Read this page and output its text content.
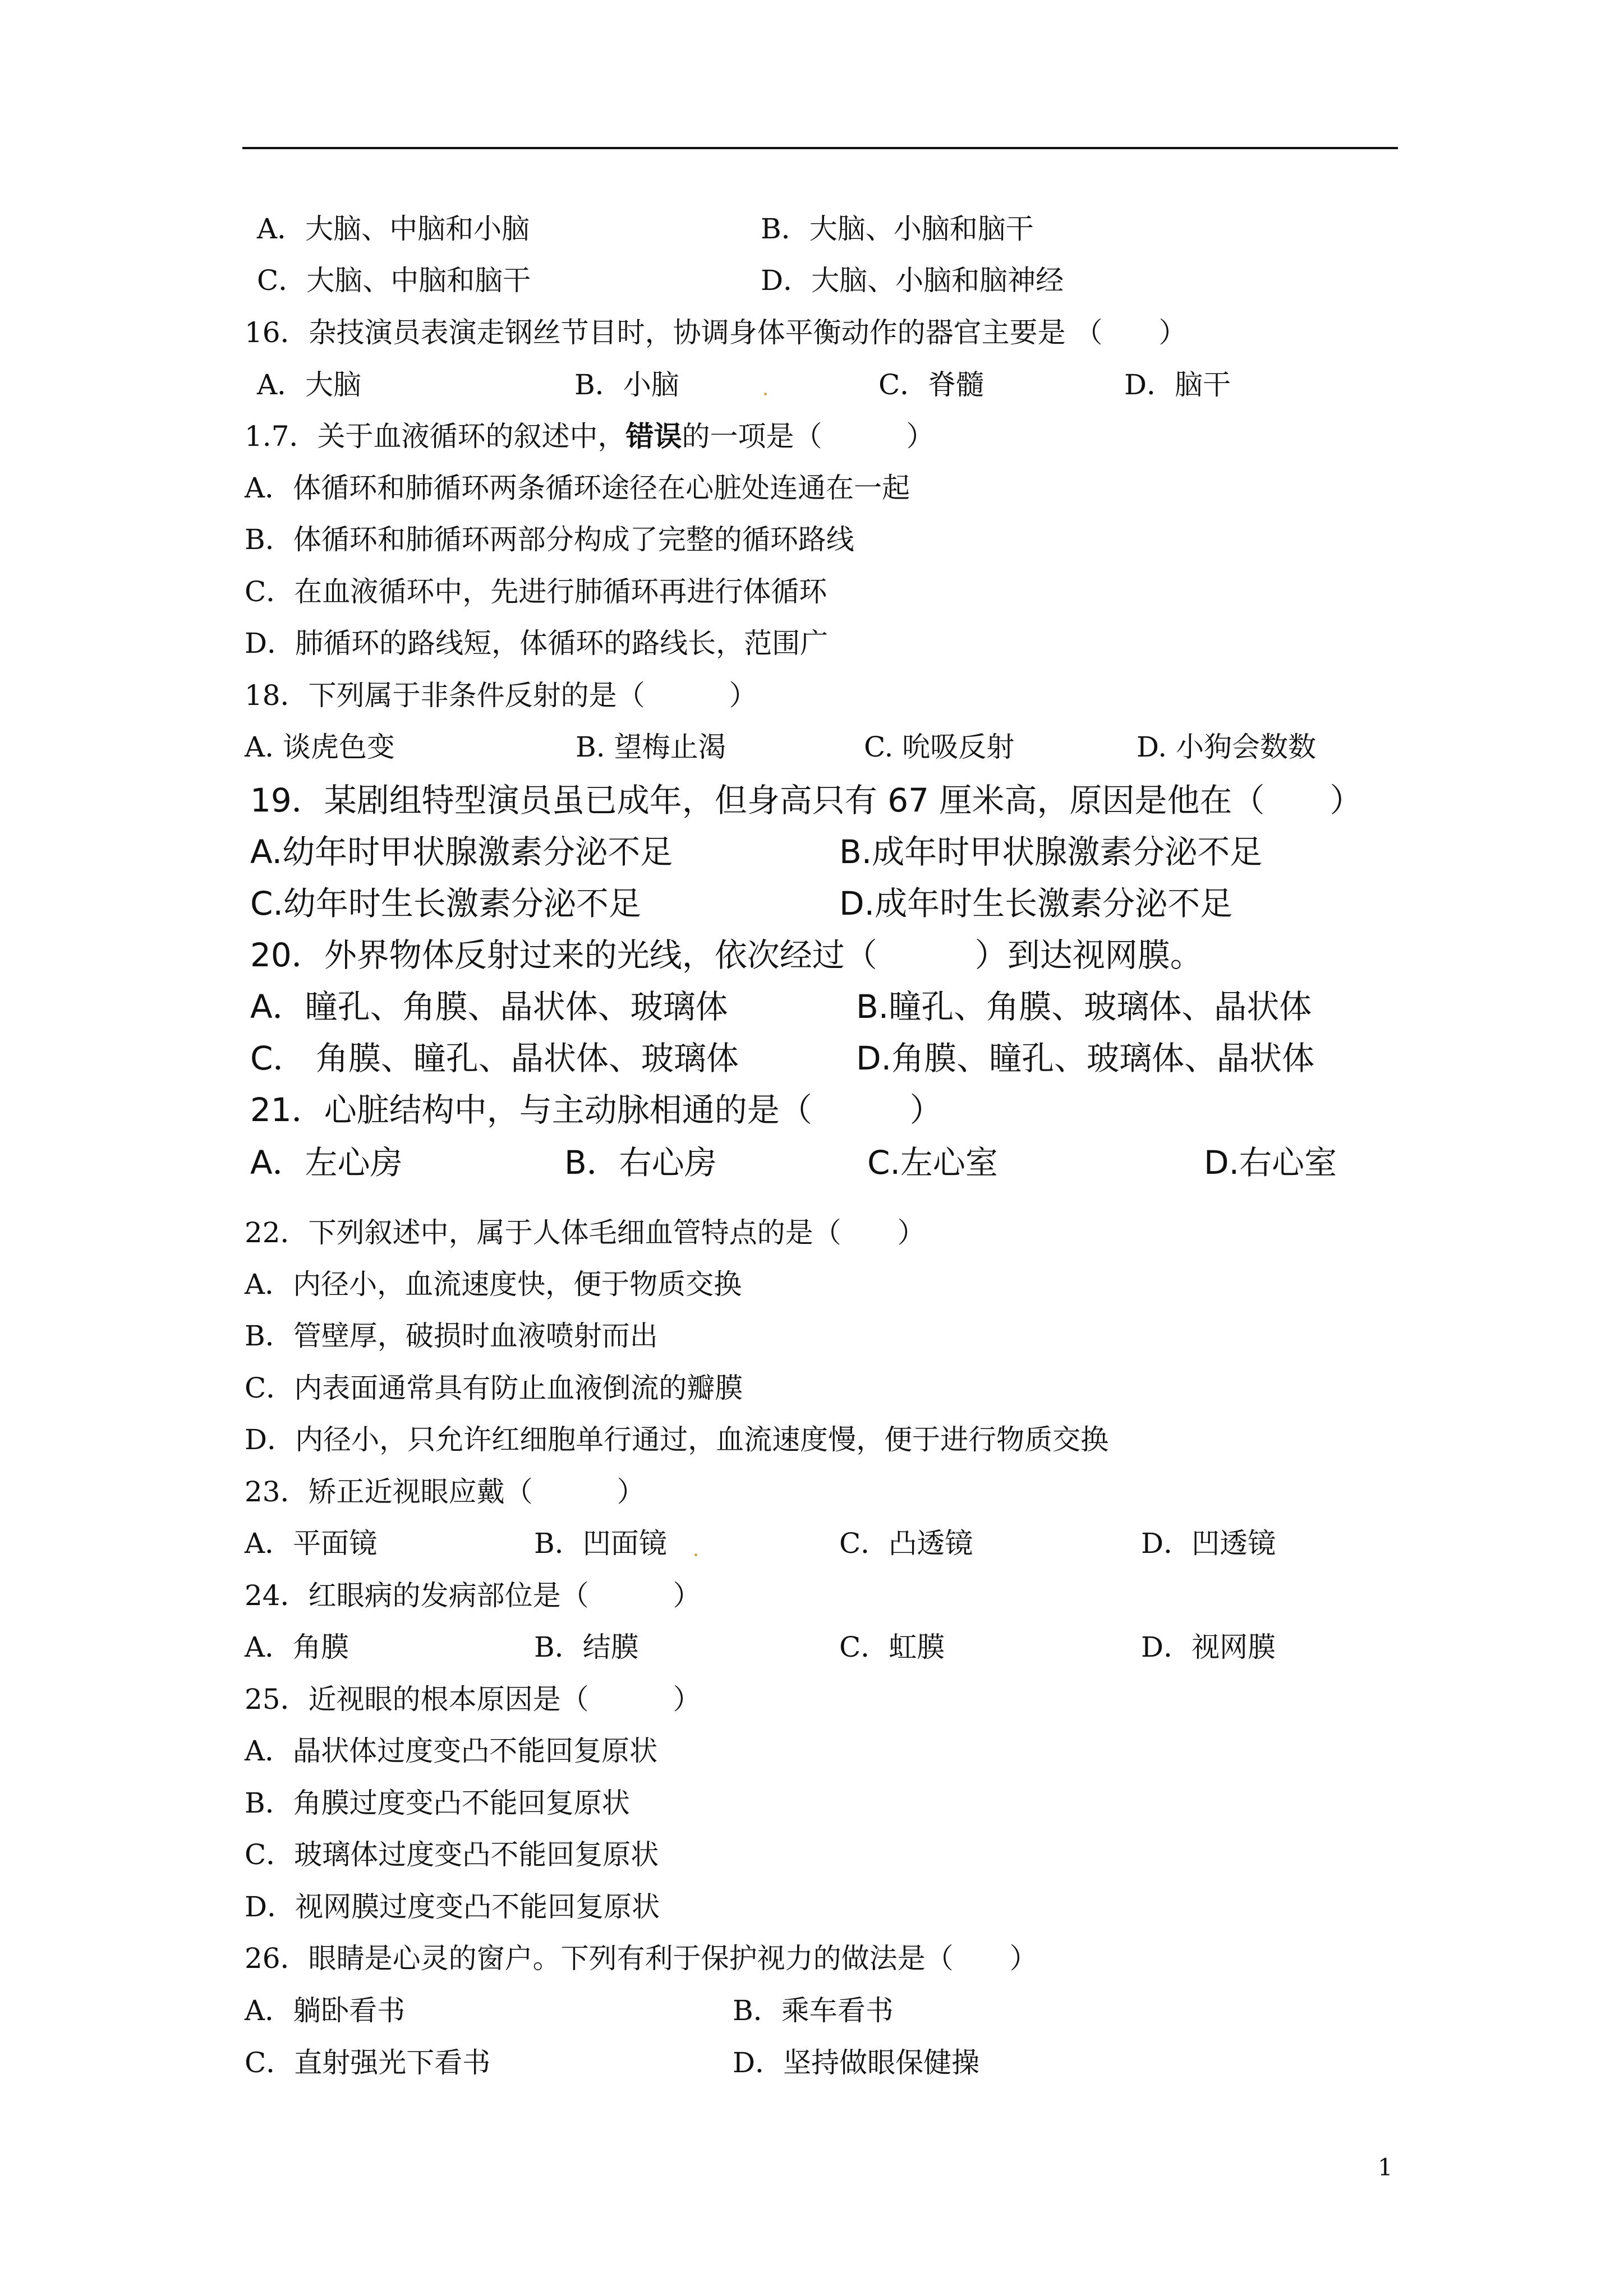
A．大脑、中脑和小脑	B．大脑、小脑和脑干
C．大脑、中脑和脑干	D．大脑、小脑和脑神经
16．杂技演员表演走钢丝节目时，协调身体平衡动作的器官主要是 （　　）
A．大脑	B．小脑	C．脊髓	D．脑干
1.7．关于血液循环的叙述中，错误的一项是（　　　）
A．体循环和肺循环两条循环途径在心脏处连通在一起
B．体循环和肺循环两部分构成了完整的循环路线
C．在血液循环中，先进行肺循环再进行体循环
D．肺循环的路线短，体循环的路线长，范围广
18．下列属于非条件反射的是（　　　）
A. 谈虎色变	B. 望梅止渴	C. 吮吸反射	D. 小狗会数数
19．某剧组特型演员虽已成年，但身高只有 67 厘米高，原因是他在（　　）
A.幼年时甲状腺激素分泌不足	B.成年时甲状腺激素分泌不足
C.幼年时生长激素分泌不足	D.成年时生长激素分泌不足
20．外界物体反射过来的光线，依次经过（　　　）到达视网膜。
A．瞳孔、角膜、晶状体、玻璃体	B.瞳孔、角膜、玻璃体、晶状体
C． 角膜、瞳孔、晶状体、玻璃体	D.角膜、瞳孔、玻璃体、晶状体
21．心脏结构中，与主动脉相通的是（　　　）
A．左心房	B．右心房	C.左心室	D.右心室
22．下列叙述中，属于人体毛细血管特点的是（　　）
A．内径小，血流速度快，便于物质交换
B．管壁厚，破损时血液喷射而出
C．内表面通常具有防止血液倒流的瓣膜
D．内径小，只允许红细胞单行通过，血流速度慢，便于进行物质交换
23．矫正近视眼应戴（　　　）
A．平面镜	B．凹面镜	C．凸透镜	D．凹透镜
24．红眼病的发病部位是（　　　）
A．角膜	B．结膜	C．虹膜	D．视网膜
25．近视眼的根本原因是（　　　）
A．晶状体过度变凸不能回复原状
B．角膜过度变凸不能回复原状
C．玻璃体过度变凸不能回复原状
D．视网膜过度变凸不能回复原状
26．眼睛是心灵的窗户。下列有利于保护视力的做法是（　　）
A．躺卧看书	B．乘车看书
C．直射强光下看书	D．坚持做眼保健操
1
